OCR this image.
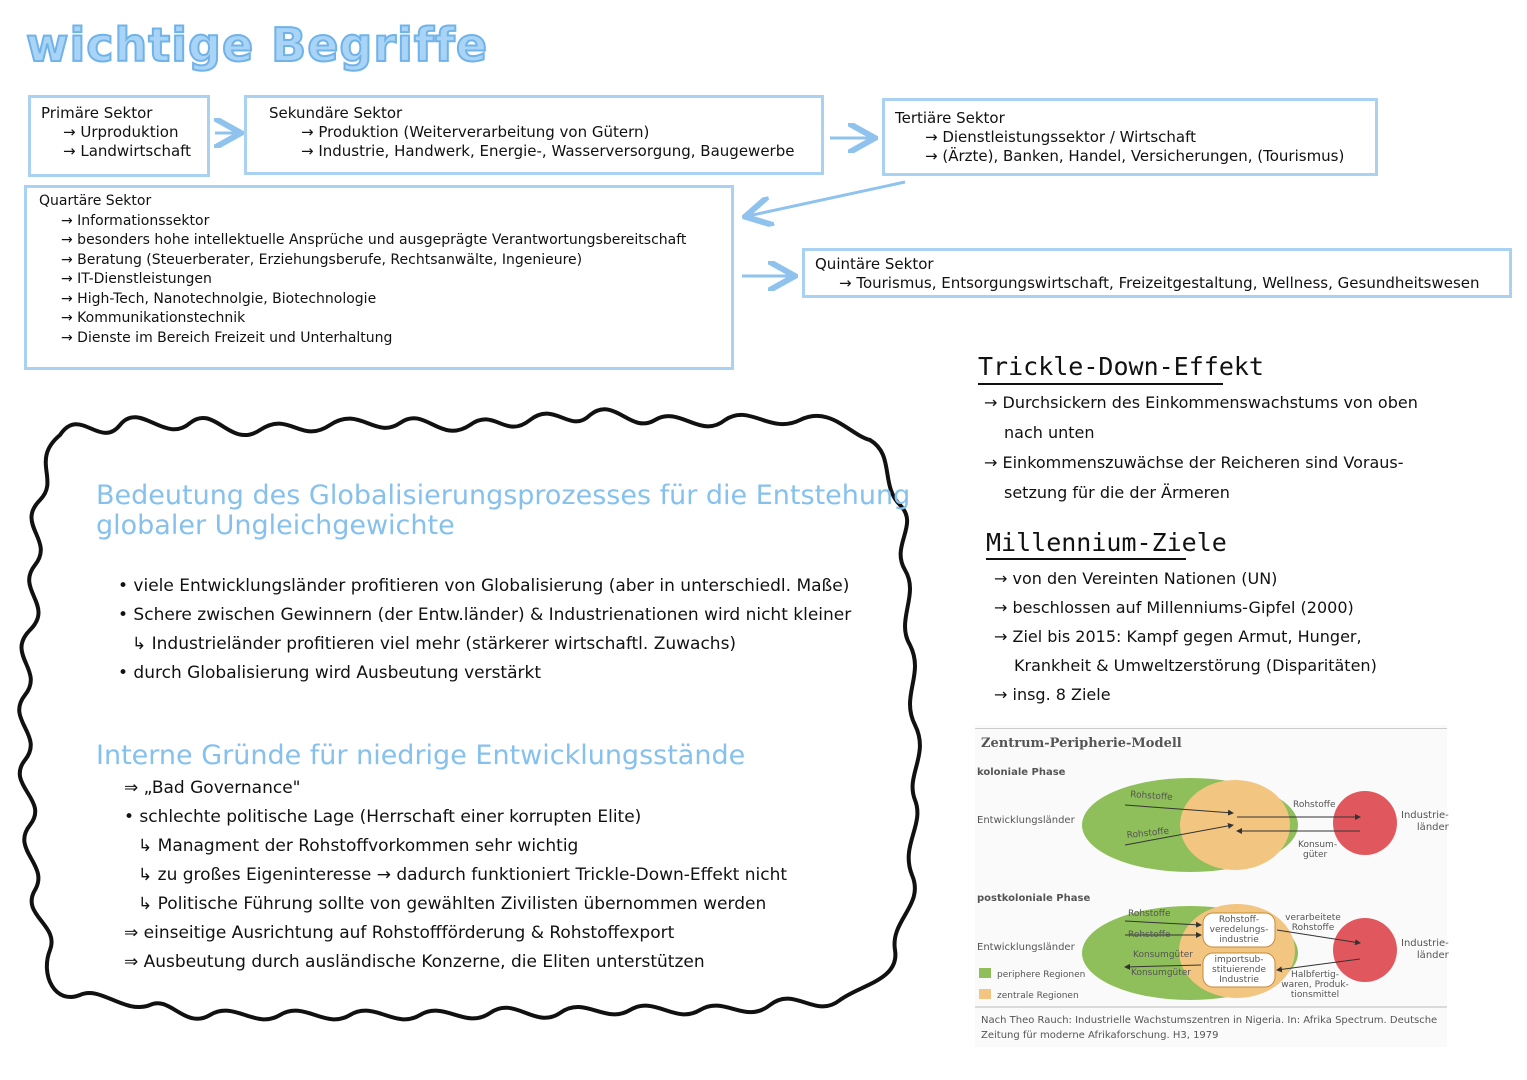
wichtige Begriffe
Primäre Sektor
→ Urproduktion
→ Landwirtschaft
Sekundäre Sektor
→ Produktion (Weiterverarbeitung von Gütern)
→ Industrie, Handwerk, Energie-, Wasserversorgung, Baugewerbe
Tertiäre Sektor
→ Dienstleistungssektor / Wirtschaft
→ (Ärzte), Banken, Handel, Versicherungen, (Tourismus)
Quartäre Sektor
→ Informationssektor
→ besonders hohe intellektuelle Ansprüche und ausgeprägte Verantwortungsbereitschaft
→ Beratung (Steuerberater, Erziehungsberufe, Rechtsanwälte, Ingenieure)
→ IT-Dienstleistungen
→ High-Tech, Nanotechnolgie, Biotechnologie
→ Kommunikationstechnik
→ Dienste im Bereich Freizeit und Unterhaltung
Quintäre Sektor
→ Tourismus, Entsorgungswirtschaft, Freizeitgestaltung, Wellness, Gesundheitswesen
Bedeutung des Globalisierungsprozesses für die Entstehung
globaler Ungleichgewichte
• viele Entwicklungsländer profitieren von Globalisierung (aber in unterschiedl. Maße)
• Schere zwischen Gewinnern (der Entw.länder) & Industrienationen wird nicht kleiner
↳ Industrieländer profitieren viel mehr (stärkerer wirtschaftl. Zuwachs)
• durch Globalisierung wird Ausbeutung verstärkt
Interne Gründe für niedrige Entwicklungsstände
⇒ „Bad Governance"
• schlechte politische Lage (Herrschaft einer korrupten Elite)
↳ Managment der Rohstoffvorkommen sehr wichtig
↳ zu großes Eigeninteresse → dadurch funktioniert Trickle-Down-Effekt nicht
↳ Politische Führung sollte von gewählten Zivilisten übernommen werden
⇒ einseitige Ausrichtung auf Rohstoffförderung & Rohstoffexport
⇒ Ausbeutung durch ausländische Konzerne, die Eliten unterstützen
Trickle-Down-Effekt
→ Durchsickern des Einkommenswachstums von oben
nach unten
→ Einkommenszuwächse der Reicheren sind Voraus-
setzung für die der Ärmeren
Millennium-Ziele
→ von den Vereinten Nationen (UN)
→ beschlossen auf Millenniums-Gipfel (2000)
→ Ziel bis 2015: Kampf gegen Armut, Hunger,
Krankheit & Umweltzerstörung (Disparitäten)
→ insg. 8 Ziele
Zentrum-Peripherie-Modell
koloniale Phase
Entwicklungsländer
postkoloniale Phase
Entwicklungsländer
Industrie-
länder
Industrie-
länder
Rohstoffe
Rohstoffe
Rohstoffe
Konsum-
güter
Rohstoffe
Rohstoffe
Konsumgüter
Konsumgüter
Rohstoff-
veredelungs-
industrie
importsub-
stituierende
Industrie
verarbeitete
Rohstoffe
Halbfertig-
waren, Produk-
tionsmittel
periphere Regionen
zentrale Regionen
Nach Theo Rauch: Industrielle Wachstumszentren in Nigeria. In: Afrika Spectrum. Deutsche
Zeitung für moderne Afrikaforschung. H3, 1979
